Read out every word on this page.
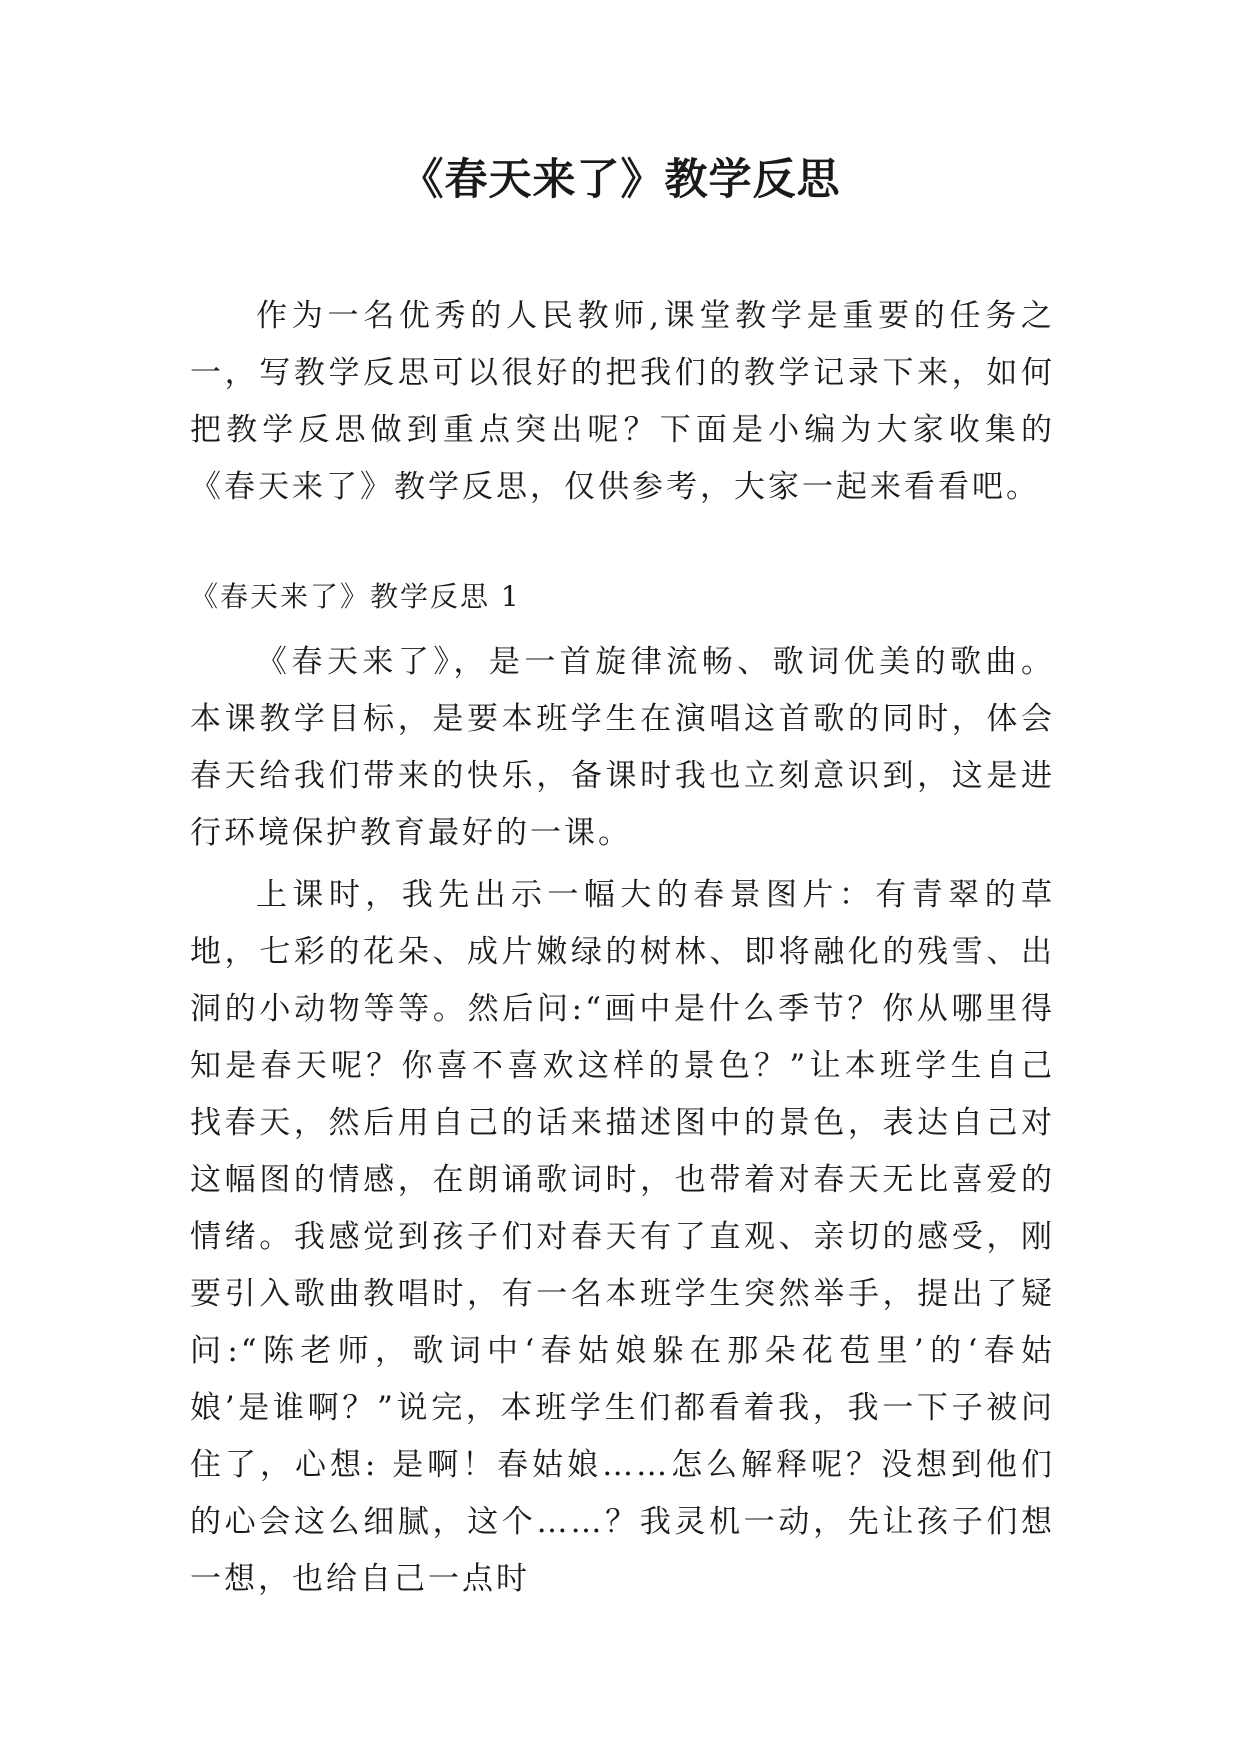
《春天来了》教学反思

作为一名优秀的人民教师,课堂教学是重要的任务之一，写教学反思可以很好的把我们的教学记录下来，如何把教学反思做到重点突出呢？下面是小编为大家收集的《春天来了》教学反思，仅供参考，大家一起来看看吧。

《春天来了》教学反思 1

《春天来了》，是一首旋律流畅、歌词优美的歌曲。本课教学目标，是要本班学生在演唱这首歌的同时，体会春天给我们带来的快乐，备课时我也立刻意识到，这是进行环境保护教育最好的一课。

上课时，我先出示一幅大的春景图片：有青翠的草地，七彩的花朵、成片嫩绿的树林、即将融化的残雪、出洞的小动物等等。然后问:“画中是什么季节？你从哪里得知是春天呢？你喜不喜欢这样的景色？”让本班学生自己找春天，然后用自己的话来描述图中的景色，表达自己对这幅图的情感，在朗诵歌词时，也带着对春天无比喜爱的情绪。我感觉到孩子们对春天有了直观、亲切的感受，刚要引入歌曲教唱时，有一名本班学生突然举手，提出了疑问:“陈老师，歌词中‘春姑娘躲在那朵花苞里’的‘春姑娘’是谁啊？”说完，本班学生们都看着我，我一下子被问住了，心想: 是啊！春姑娘……怎么解释呢？没想到他们的心会这么细腻，这个……？我灵机一动，先让孩子们想一想，也给自己一点时
